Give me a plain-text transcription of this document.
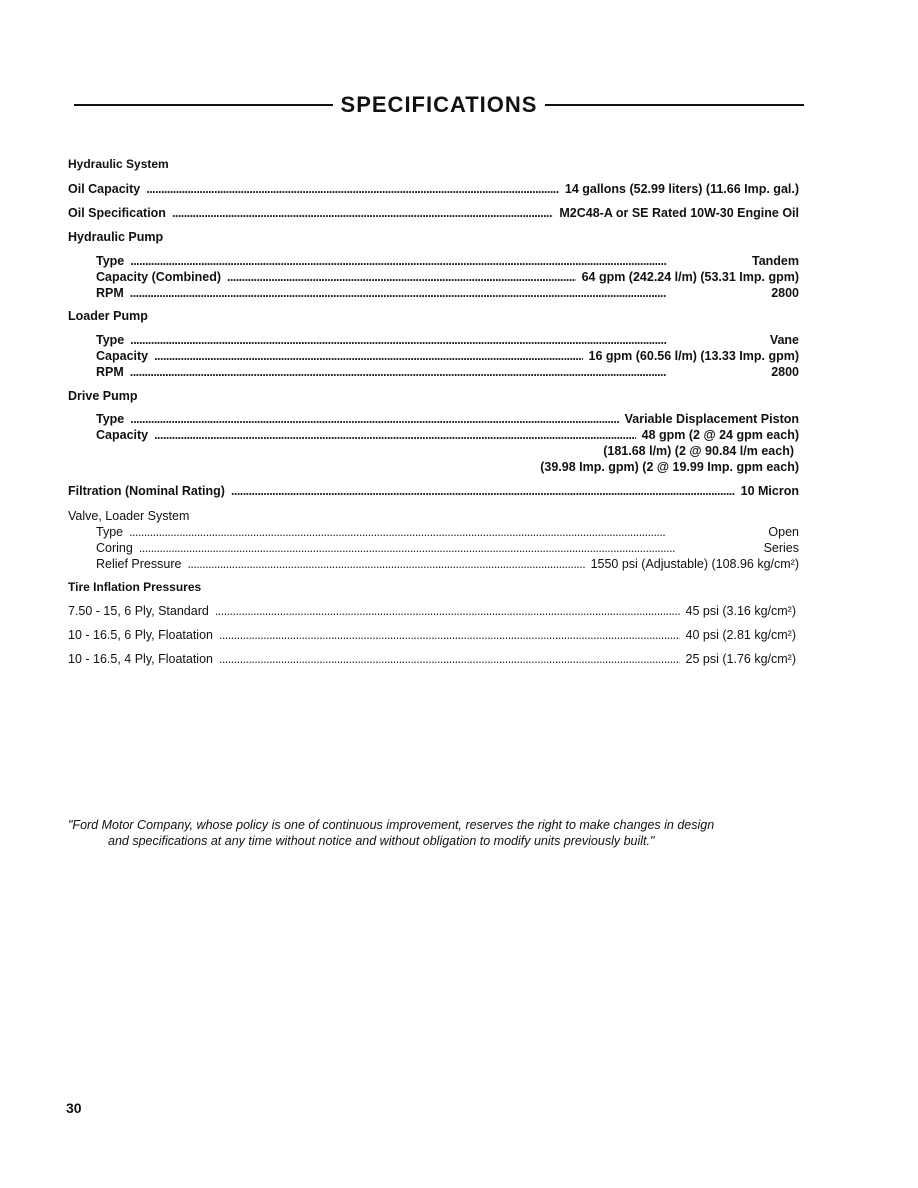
SPECIFICATIONS
Hydraulic System
Oil Capacity . . .	14 gallons (52.99 liters) (11.66 Imp. gal.)
Oil Specification . . .	M2C48-A or SE Rated 10W-30 Engine Oil
Hydraulic Pump
Type . . .	Tandem
Capacity (Combined) . . .	64 gpm (242.24 l/m) (53.31 Imp. gpm)
RPM . . .	2800
Loader Pump
Type . . .	Vane
Capacity . . .	16 gpm (60.56 l/m) (13.33 Imp. gpm)
RPM . . .	2800
Drive Pump
Type . . .	Variable Displacement Piston
Capacity . . .	48 gpm (2 @ 24 gpm each)
(181.68 l/m) (2 @ 90.84 l/m each)
(39.98 Imp. gpm) (2 @ 19.99 Imp. gpm each)
Filtration (Nominal Rating) . . .	10 Micron
Valve, Loader System
Type . . .	Open
Coring . . .	Series
Relief Pressure . . .	1550 psi (Adjustable) (108.96 kg/cm²)
Tire Inflation Pressures
7.50 - 15, 6 Ply, Standard . . .	45 psi (3.16 kg/cm²)
10 - 16.5, 6 Ply, Floatation . . .	40 psi (2.81 kg/cm²)
10 - 16.5, 4 Ply, Floatation . . .	25 psi (1.76 kg/cm²)
"Ford Motor Company, whose policy is one of continuous improvement, reserves the right to make changes in design
and specifications at any time without notice and without obligation to modify units previously built."
30
